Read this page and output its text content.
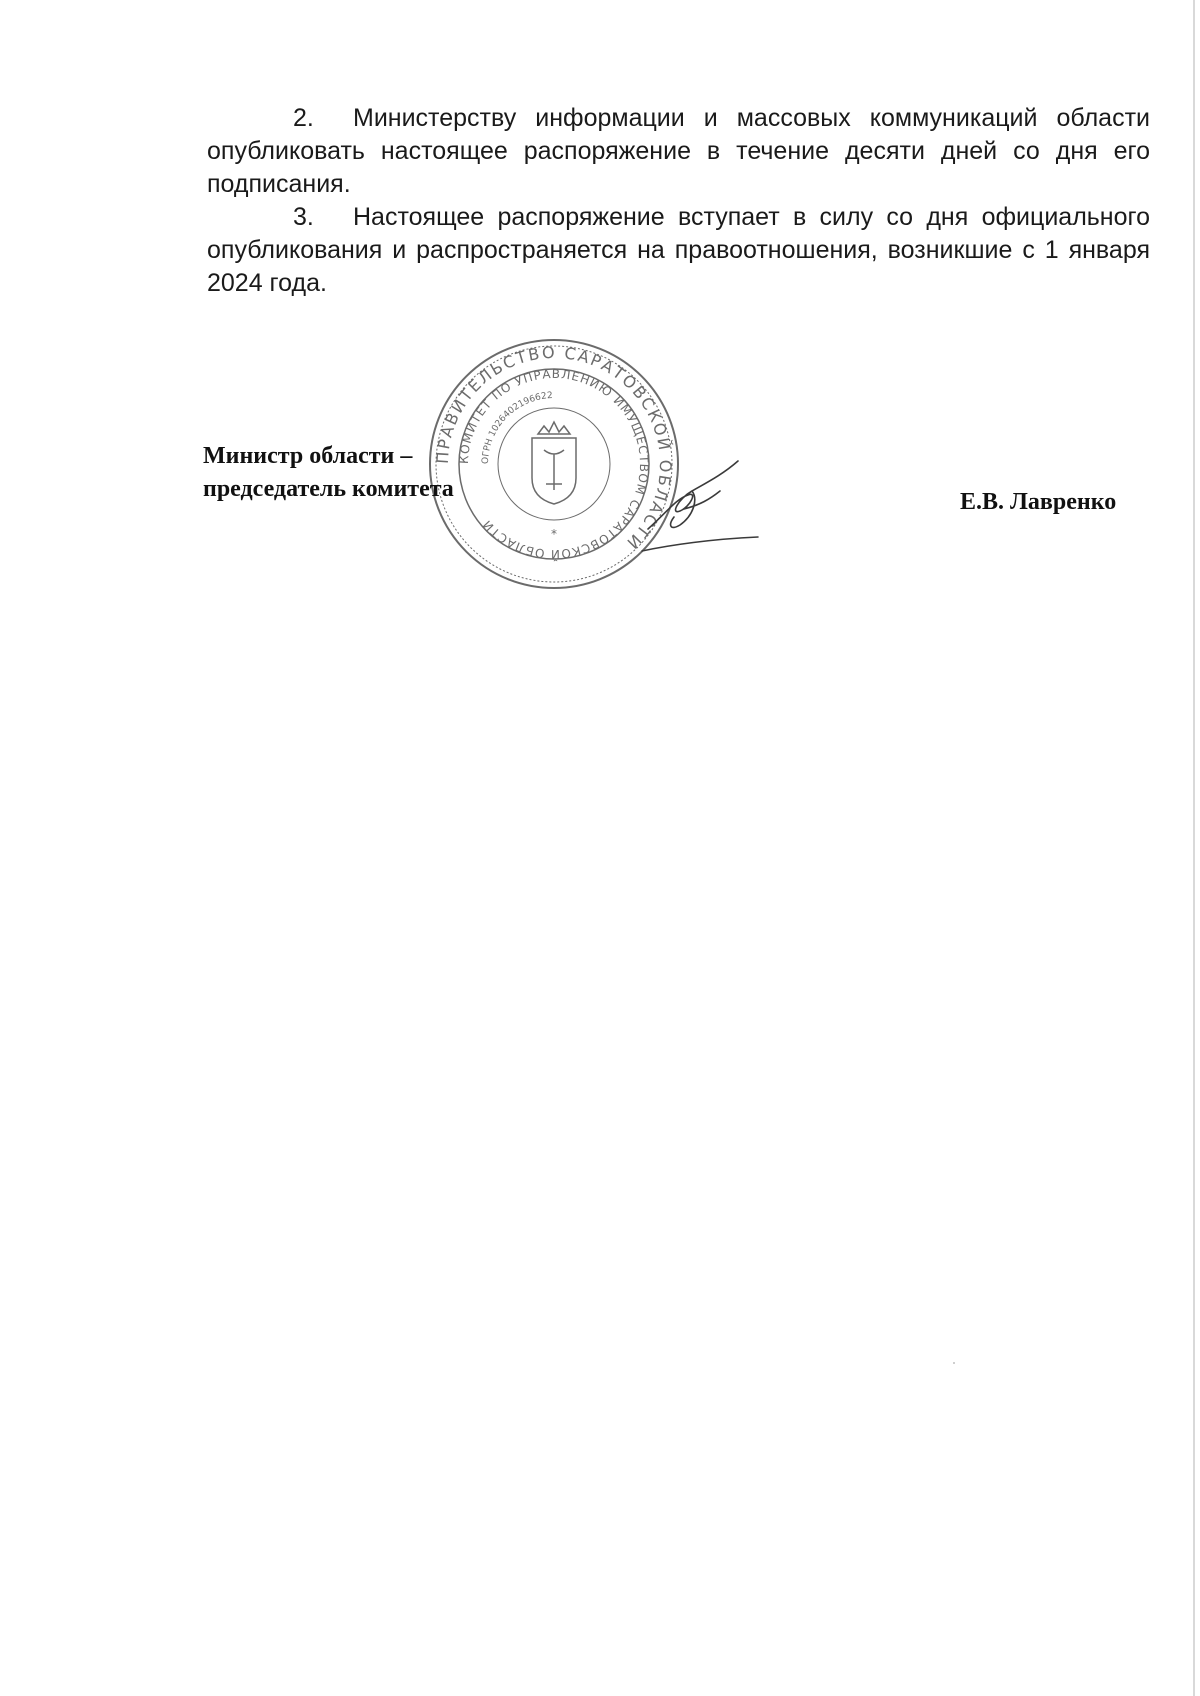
2. Министерству информации и массовых коммуникаций области опубликовать настоящее распоряжение в течение десяти дней со дня его подписания.

3. Настоящее распоряжение вступает в силу со дня официального опубликования и распространяется на правоотношения, возникшие с 1 января 2024 года.

ПРАВИТЕЛЬСТВО САРАТОВСКОЙ ОБЛАСТИ
КОМИТЕТ ПО УПРАВЛЕНИЮ ИМУЩЕСТВОМ САРАТОВСКОЙ ОБЛАСТИ
ОГРН 1026402196622
*
Министр области –
председатель комитета	Е.В. Лавренко
